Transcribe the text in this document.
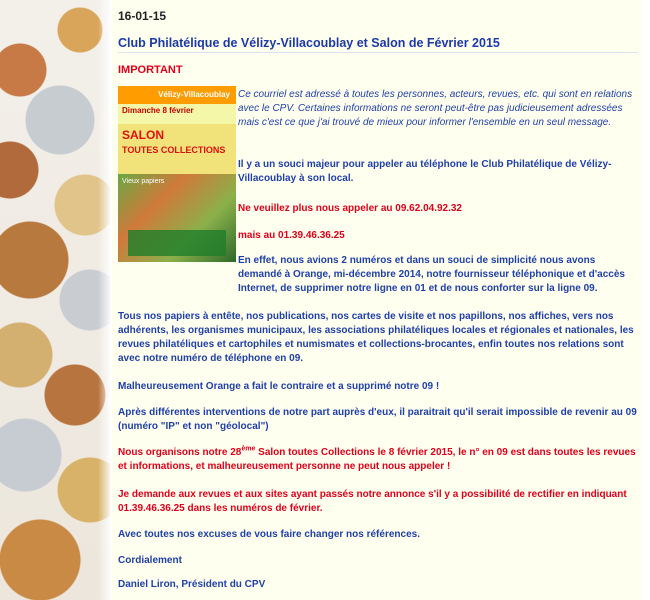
16-01-15
Club Philatélique de Vélizy-Villacoublay et Salon de Février 2015
IMPORTANT
Vélizy-Villacoublay
Dimanche 8 février
SALON
TOUTES COLLECTIONS
Vieux papiers
Ce courriel est adressé à toutes les personnes, acteurs, revues, etc. qui sont en relations avec le CPV. Certaines informations ne seront peut-être pas judicieusement adressées mais c'est ce que j'ai trouvé de mieux pour informer l'ensemble en un seul message.
Il y a un souci majeur pour appeler au téléphone le Club Philatélique de Vélizy-Villacoublay à son local.
Ne veuillez plus nous appeler au 09.62.04.92.32
mais au 01.39.46.36.25
En effet, nous avions 2 numéros et dans un souci de simplicité nous avons demandé à Orange, mi-décembre 2014, notre fournisseur téléphonique et d'accès Internet, de supprimer notre ligne en 01 et de nous conforter sur la ligne 09.
Tous nos papiers à entête, nos publications, nos cartes de visite et nos papillons, nos affiches, vers nos adhérents, les organismes municipaux, les associations philatéliques locales et régionales et nationales, les revues philatéliques et cartophiles et numismates et collections-brocantes, enfin toutes nos relations sont avec notre numéro de téléphone en 09.
Malheureusement Orange a fait le contraire et a supprimé notre 09 !
Après différentes interventions de notre part auprès d'eux, il paraitrait qu'il serait impossible de revenir au 09 (numéro "IP" et non "géolocal")
Nous organisons notre 28ème Salon toutes Collections le 8 février 2015, le n° en 09 est dans toutes les revues et informations, et malheureusement personne ne peut nous appeler !
Je demande aux revues et aux sites ayant passés notre annonce s'il y a possibilité de rectifier en indiquant 01.39.46.36.25 dans les numéros de février.
Avec toutes nos excuses de vous faire changer nos références.
Cordialement
Daniel Liron, Président du CPV
